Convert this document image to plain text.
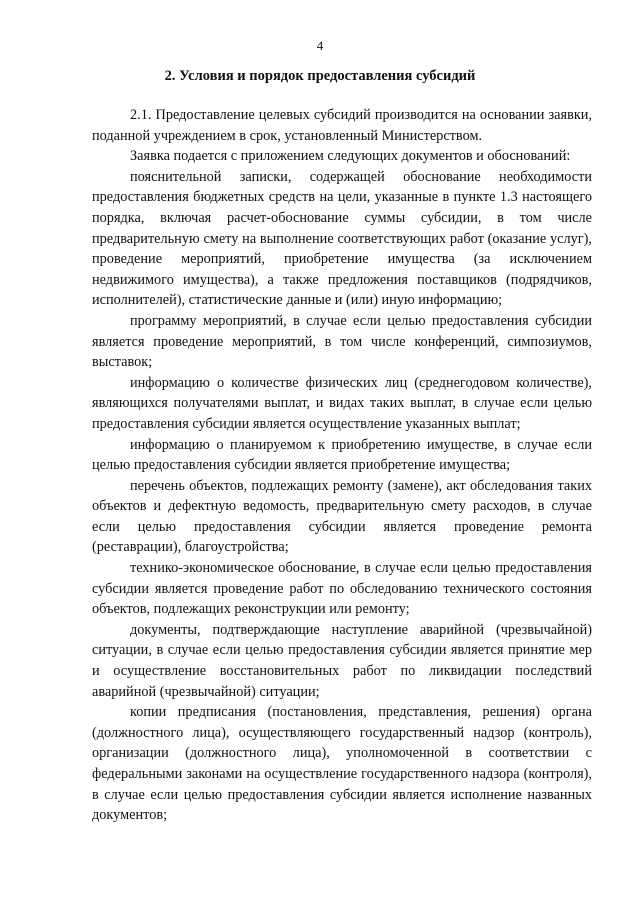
4
2. Условия и порядок предоставления субсидий

2.1. Предоставление целевых субсидий производится на основании заявки, поданной учреждением в срок, установленный Министерством.

Заявка подается с приложением следующих документов и обоснований:

пояснительной записки, содержащей обоснование необходимости предоставления бюджетных средств на цели, указанные в пункте 1.3 настоящего порядка, включая расчет-обоснование суммы субсидии, в том числе предварительную смету на выполнение соответствующих работ (оказание услуг), проведение мероприятий, приобретение имущества (за исключением недвижимого имущества), а также предложения поставщиков (подрядчиков, исполнителей), статистические данные и (или) иную информацию;

программу мероприятий, в случае если целью предоставления субсидии является проведение мероприятий, в том числе конференций, симпозиумов, выставок;

информацию о количестве физических лиц (среднегодовом количестве), являющихся получателями выплат, и видах таких выплат, в случае если целью предоставления субсидии является осуществление указанных выплат;

информацию о планируемом к приобретению имуществе, в случае если целью предоставления субсидии является приобретение имущества;

перечень объектов, подлежащих ремонту (замене), акт обследования таких объектов и дефектную ведомость, предварительную смету расходов, в случае если целью предоставления субсидии является проведение ремонта (реставрации), благоустройства;

технико-экономическое обоснование, в случае если целью предоставления субсидии является проведение работ по обследованию технического состояния объектов, подлежащих реконструкции или ремонту;

документы, подтверждающие наступление аварийной (чрезвычайной) ситуации, в случае если целью предоставления субсидии является принятие мер и осуществление восстановительных работ по ликвидации последствий аварийной (чрезвычайной) ситуации;

копии предписания (постановления, представления, решения) органа (должностного лица), осуществляющего государственный надзор (контроль), организации (должностного лица), уполномоченной в соответствии с федеральными законами на осуществление государственного надзора (контроля), в случае если целью предоставления субсидии является исполнение названных документов;
